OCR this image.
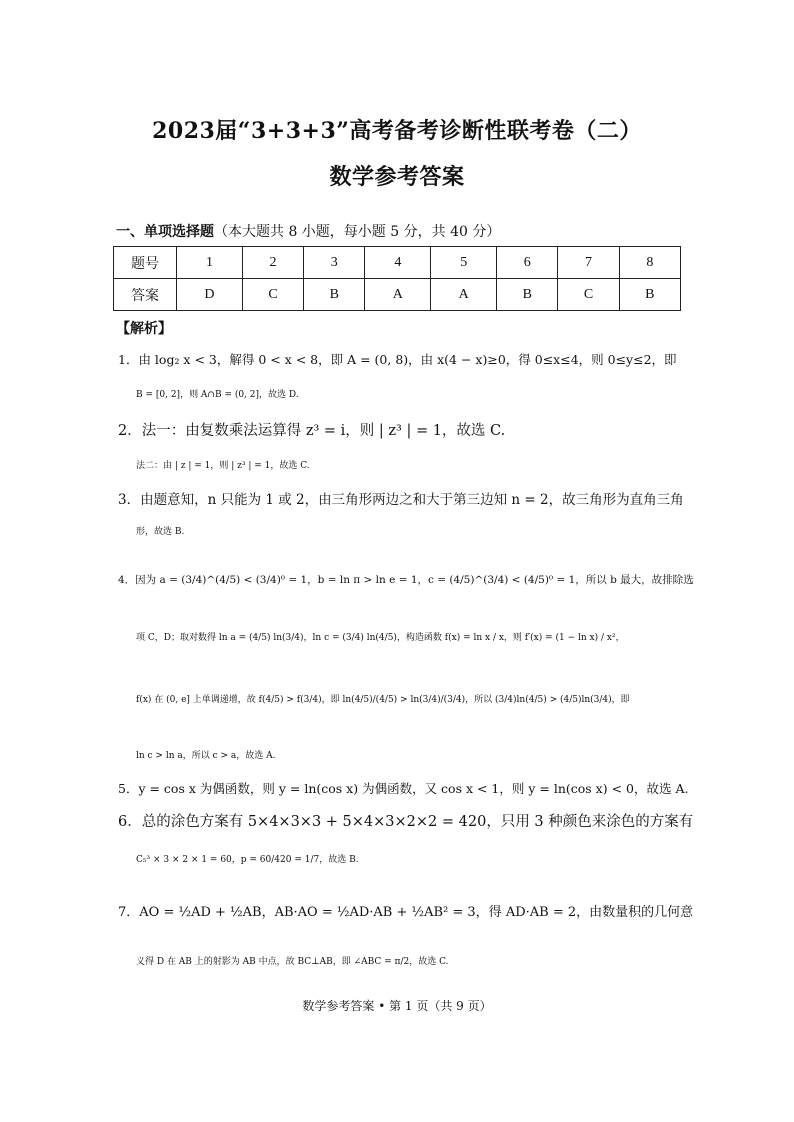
2023届“3+3+3”高考备考诊断性联考卷（二）
数学参考答案
一、单项选择题（本大题共 8 小题，每小题 5 分，共 40 分）
题号	1	2	3	4	5	6	7	8
答案	D	C	B	A	A	B	C	B
【解析】
1．由 log₂ x < 3，解得 0 < x < 8，即 A = (0, 8)，由 x(4 − x)≥0，得 0≤x≤4，则 0≤y≤2，即
B = [0, 2]，则 A∩B = (0, 2]，故选 D.
2．法一：由复数乘法运算得 z³ = i，则 | z³ | = 1，故选 C.
法二：由 | z | = 1，则 | z³ | = 1，故选 C.
3．由题意知，n 只能为 1 或 2，由三角形两边之和大于第三边知 n = 2，故三角形为直角三角
形，故选 B.
4．因为 a = (3/4)^(4/5) < (3/4)⁰ = 1，b = ln π > ln e = 1，c = (4/5)^(3/4) < (4/5)⁰ = 1，所以 b 最大，故排除选
项 C，D；取对数得 ln a = (4/5) ln(3/4)，ln c = (3/4) ln(4/5)，构造函数 f(x) = ln x / x，则 f′(x) = (1 − ln x) / x²，
f(x) 在 (0, e] 上单调递增，故 f(4/5) > f(3/4)，即 ln(4/5)/(4/5) > ln(3/4)/(3/4)，所以 (3/4)ln(4/5) > (4/5)ln(3/4)，即
ln c > ln a，所以 c > a，故选 A.
5．y = cos x 为偶函数，则 y = ln(cos x) 为偶函数，又 cos x < 1，则 y = ln(cos x) < 0，故选 A.
6．总的涂色方案有 5×4×3×3 + 5×4×3×2×2 = 420，只用 3 种颜色来涂色的方案有
C₅³ × 3 × 2 × 1 = 60，p = 60/420 = 1/7，故选 B.
7．AO = ½AD + ½AB，AB·AO = ½AD·AB + ½AB² = 3，得 AD·AB = 2，由数量积的几何意
义得 D 在 AB 上的射影为 AB 中点，故 BC⊥AB，即 ∠ABC = π/2，故选 C.
数学参考答案 • 第 1 页（共 9 页）
